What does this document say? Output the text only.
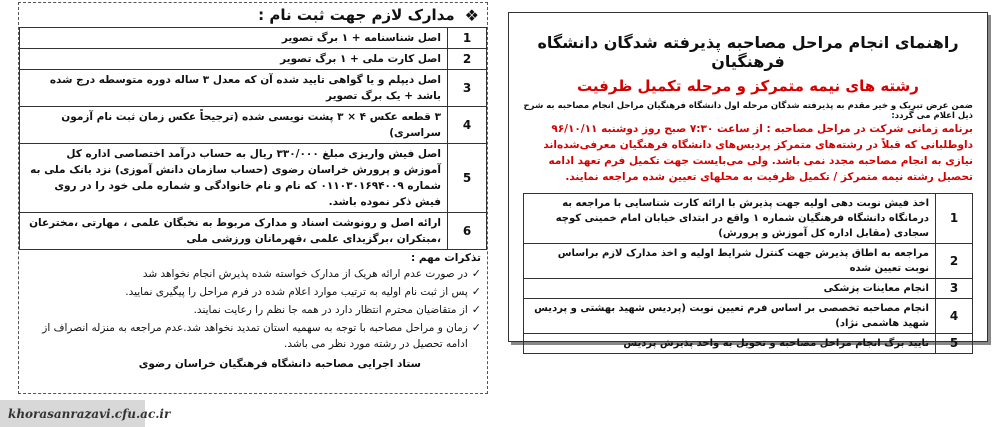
❖
مدارک لازم جهت ثبت نام :
1	اصل شناسنامه + ۱ برگ تصویر
2	اصل کارت ملی + ۱ برگ تصویر
3	اصل دیپلم و یا گواهی تایید شده آن که معدل ۳ ساله دوره متوسطه درج شده باشد + یک برگ تصویر
4	۳ قطعه عکس ۴ × ۳ پشت نویسی شده (ترجیحاً عکس زمان ثبت نام آزمون سراسری)
5	اصل فیش واریزی مبلغ ۳۳۰/۰۰۰ ریال به حساب درآمد اختصاصی اداره کل آموزش و پرورش خراسان رضوی (حساب سازمان دانش آموزی) نزد بانک ملی به شماره ۰۱۱۰۳۰۱۶۹۴۰۰۹ که نام و نام خانوادگی و شماره ملی خود را در روی فیش ذکر نموده باشد.
6	ارائه اصل و رونوشت اسناد و مدارک مربوط به نخبگان علمی ، مهارتی ،مخترعان ،مبتکران ،برگزیدای علمی ،قهرمانان ورزشی ملی
تذکرات مهم :
✓
در صورت عدم ارائه هریک از مدارک خواسته شده پذیرش انجام نخواهد شد
✓
پس از ثبت نام اولیه به ترتیب موارد اعلام شده در فرم مراحل را پیگیری نمایید.
✓
از متقاضیان محترم انتظار دارد در همه جا نظم را رعایت نمایند.
✓
زمان و مراحل مصاحبه با توجه به سهمیه استان تمدید نخواهد شد.عدم مراجعه به منزله انصراف از ادامه تحصیل در رشته مورد نظر می باشد.
ستاد اجرایی مصاحبه دانشگاه فرهنگیان خراسان رضوی
راهنمای انجام مراحل مصاحبه پذیرفته شدگان دانشگاه فرهنگیان
رشته های نیمه متمرکز و مرحله تکمیل ظرفیت
ضمن عرض تبریک و خیر مقدم به پذیرفته شدگان مرحله اول دانشگاه فرهنگیان مراحل انجام مصاحبه به شرح ذیل اعلام می گردد:
برنامه زمانی شرکت در مراحل مصاحبه : از ساعت ۷:۳۰ صبح روز دوشنبه ۹۶/۱۰/۱۱
داوطلبانی که قبلاً در رشته‌های متمرکز پردیس‌های دانشگاه فرهنگیان معرفی‌شده‌اند نیازی به انجام مصاحبه مجدد نمی باشد. ولی می‌بایست جهت تکمیل فرم تعهد ادامه تحصیل رشته نیمه متمرکز / تکمیل ظرفیت به محلهای تعیین شده مراجعه نمایند.
1	اخذ فیش نوبت دهی اولیه جهت پذیرش با ارائه کارت شناسایی با مراجعه به درمانگاه دانشگاه فرهنگیان شماره ۱ واقع در ابتدای خیابان امام خمینی کوچه سجادی (مقابل اداره کل آموزش و پرورش)
2	مراجعه به اطاق پذیرش جهت کنترل شرایط اولیه و اخذ مدارک لازم براساس نوبت تعیین شده
3	انجام معاینات پزشکی
4	انجام مصاحبه تخصصی بر اساس فرم تعیین نوبت (پردیس شهید بهشتی و پردیس شهید هاشمی نژاد)
5	تایید برگ انجام مراحل مصاحبه و تحویل به واحد پذیرش پردیس
khorasanrazavi.cfu.ac.ir
